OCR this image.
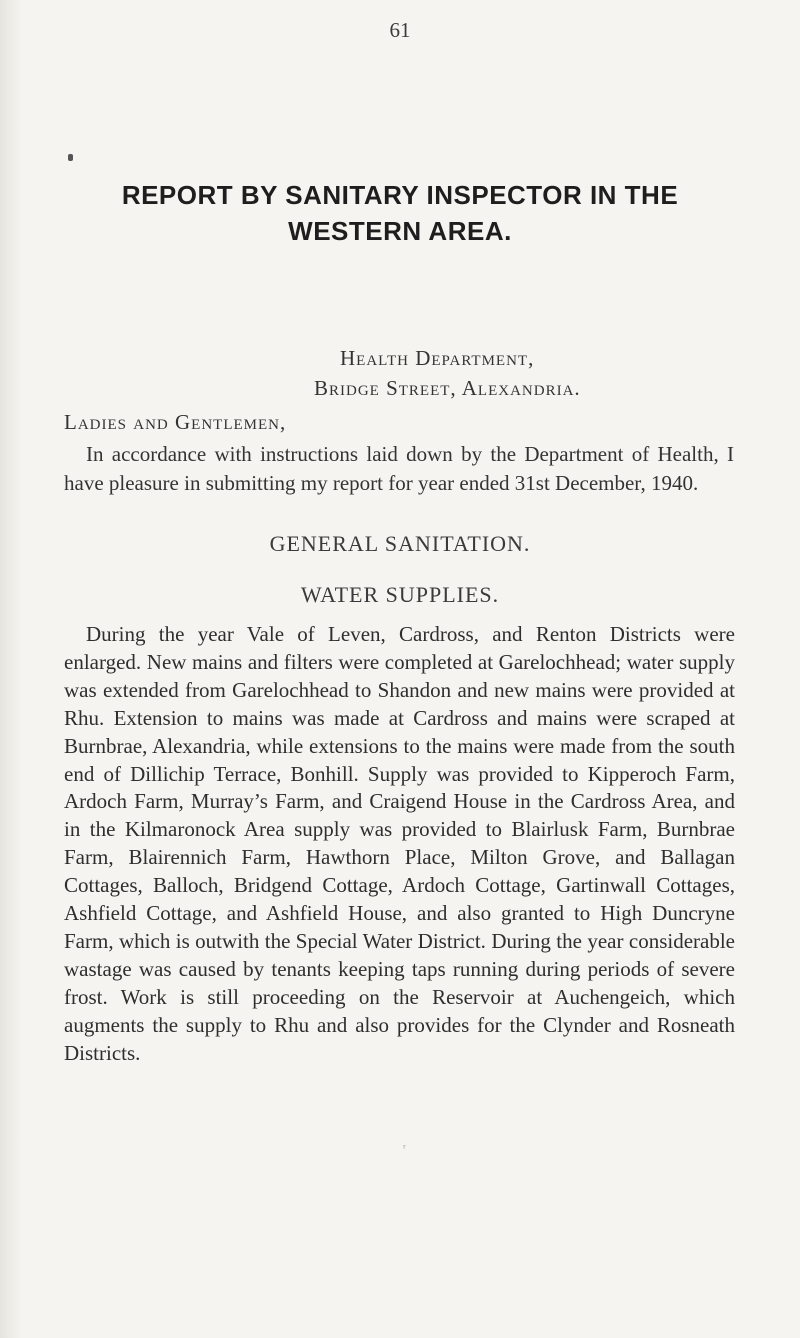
61
REPORT BY SANITARY INSPECTOR IN THE WESTERN AREA.
Health Department,
Bridge Street, Alexandria.
Ladies and Gentlemen,
In accordance with instructions laid down by the Department of Health, I have pleasure in submitting my report for year ended 31st December, 1940.
GENERAL SANITATION.
WATER SUPPLIES.
During the year Vale of Leven, Cardross, and Renton Districts were enlarged. New mains and filters were completed at Garelochhead; water supply was extended from Garelochhead to Shandon and new mains were provided at Rhu. Extension to mains was made at Cardross and mains were scraped at Burnbrae, Alexandria, while extensions to the mains were made from the south end of Dillichip Terrace, Bonhill. Supply was provided to Kipperoch Farm, Ardoch Farm, Murray’s Farm, and Craigend House in the Cardross Area, and in the Kilmaronock Area supply was provided to Blairlusk Farm, Burnbrae Farm, Blairennich Farm, Hawthorn Place, Milton Grove, and Ballagan Cottages, Balloch, Bridgend Cottage, Ardoch Cottage, Gartinwall Cottages, Ashfield Cottage, and Ashfield House, and also granted to High Duncryne Farm, which is outwith the Special Water District. During the year considerable wastage was caused by tenants keeping taps running during periods of severe frost. Work is still proceeding on the Reservoir at Auchengeich, which augments the supply to Rhu and also provides for the Clynder and Rosneath Districts.
ʳ
